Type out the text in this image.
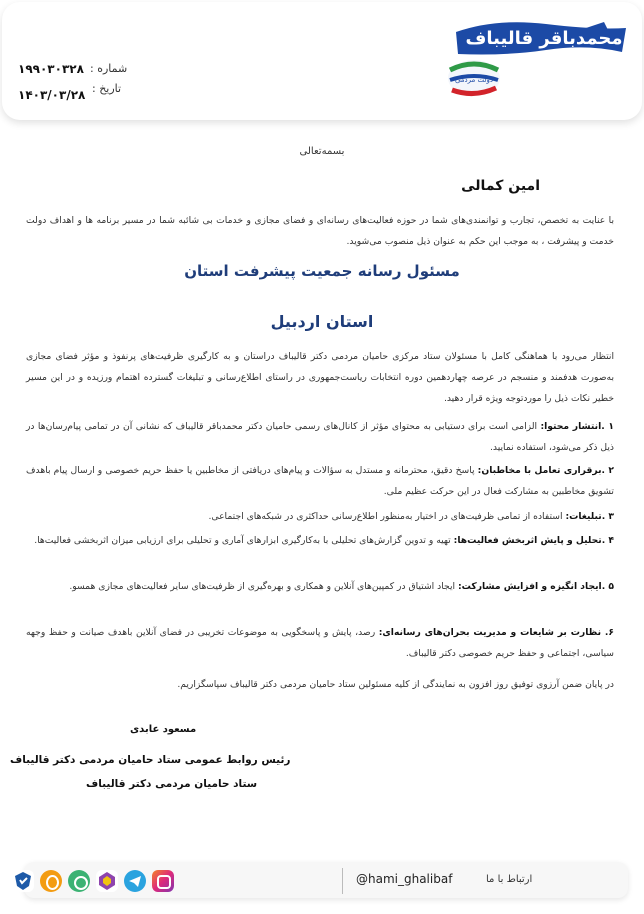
محمدباقر قالیباف
دولت مردمی
شماره :
۱۹۹۰۳۰۳۲۸
تاریخ :
۱۴۰۳/۰۳/۲۸
بسمه‌تعالی
امین کمالی
با عنایت به تخصص، تجارب و توانمندی‌های شما در حوزه فعالیت‌های رسانه‌ای و فضای مجازی و خدمات بی شائبه شما در مسیر برنامه ها و اهداف دولت خدمت و پیشرفت ، به موجب این حکم به عنوان ذیل منصوب می‌شوید.
مسئول رسانه جمعیت پیشرفت استان
استان اردبیل
انتظار می‌رود با هماهنگی کامل با مسئولان ستاد مرکزی حامیان مردمی دکتر قالیباف دراستان و به کارگیری ظرفیت‌های پرنفوذ و مؤثر فضای مجازی به‌صورت هدفمند و منسجم در عرصه چهاردهمین دوره انتخابات ریاست‌جمهوری در راستای اطلاع‌رسانی و تبلیغات گسترده اهتمام ورزیده و در این مسیر خطیر نکات ذیل را موردتوجه ویژه قرار دهید.
۱ .انتشار محتوا: الزامی است برای دستیابی به محتوای مؤثر از کانال‌های رسمی حامیان دکتر محمدباقر قالیباف که نشانی آن در تمامی پیام‌رسان‌ها در ذیل ذکر می‌شود، استفاده نمایید.
۲ .برقراری تعامل با مخاطبان: پاسخ دقیق، محترمانه و مستدل به سؤالات و پیام‌های دریافتی از مخاطبین یا حفظ حریم خصوصی و ارسال پیام باهدف تشویق مخاطبین به مشارکت فعال در این حرکت عظیم ملی.
۳ .تبلیغات: استفاده از تمامی ظرفیت‌های در اختیار به‌منظور اطلاع‌رسانی حداکثری در شبکه‌های اجتماعی.
۴ .تحلیل و پایش اثربخش فعالیت‌ها: تهیه و تدوین گزارش‌های تحلیلی با به‌کارگیری ابزارهای آماری و تحلیلی برای ارزیابی میزان اثربخشی فعالیت‌ها.
۵ .ایجاد انگیزه و افزایش مشارکت: ایجاد اشتیاق در کمپین‌های آنلاین و همکاری و بهره‌گیری از ظرفیت‌های سایر فعالیت‌های مجازی همسو.
۶. نظارت بر شایعات و مدیریت بحران‌های رسانه‌ای: رصد، پایش و پاسخگویی به موضوعات تخریبی در فضای آنلاین باهدف صیانت و حفظ وجهه سیاسی، اجتماعی و حفظ حریم خصوصی دکتر قالیباف.
در پایان ضمن آرزوی توفیق روز افزون به نمایندگی از کلیه مسئولین ستاد حامیان مردمی دکتر قالیباف سپاسگزاریم.
مسعود عابدی
رئیس روابط عمومی ستاد حامیان مردمی دکتر قالیباف
ستاد حامیان مردمی دکتر قالیباف
ارتباط با ما
@hami_ghalibaf
